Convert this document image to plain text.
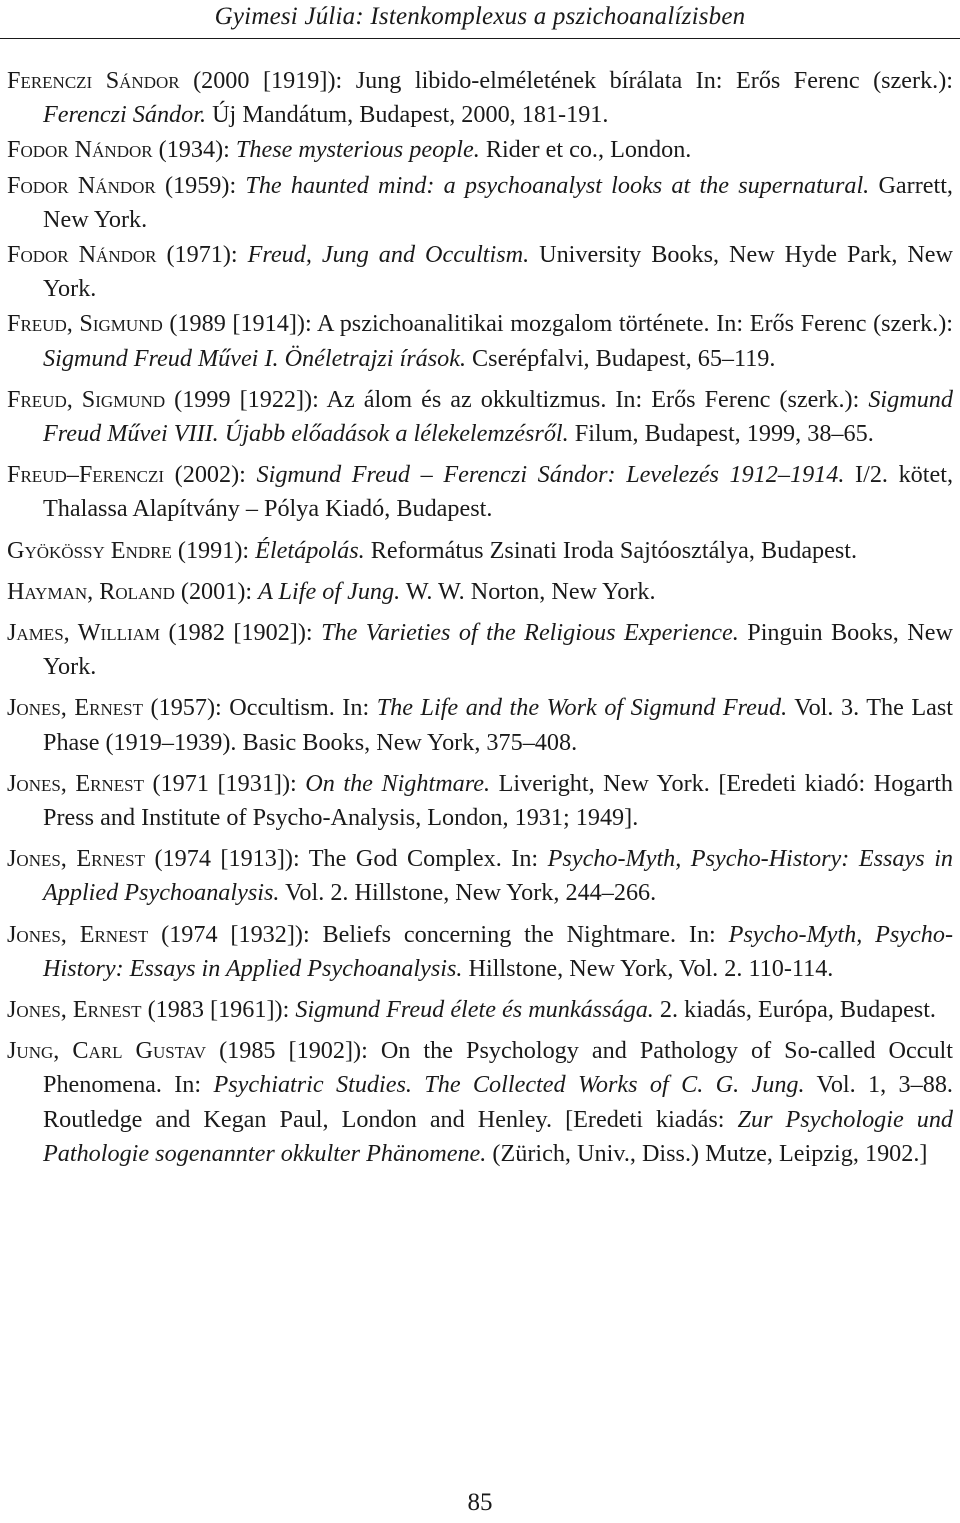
Gyimesi Júlia: Istenkomplexus a pszichoanalízisben

Ferenczi Sándor (2000 [1919]): Jung libido-elméletének bírálata In: Erős Ferenc (szerk.): Ferenczi Sándor. Új Mandátum, Budapest, 2000, 181-191.

Fodor Nándor (1934): These mysterious people. Rider et co., London.

Fodor Nándor (1959): The haunted mind: a psychoanalyst looks at the supernatural. Garrett, New York.

Fodor Nándor (1971): Freud, Jung and Occultism. University Books, New Hyde Park, New York.

Freud, Sigmund (1989 [1914]): A pszichoanalitikai mozgalom története. In: Erős Ferenc (szerk.): Sigmund Freud Művei I. Önéletrajzi írások. Cserépfalvi, Budapest, 65–119.

Freud, Sigmund (1999 [1922]): Az álom és az okkultizmus. In: Erős Ferenc (szerk.): Sigmund Freud Művei VIII. Újabb előadások a lélekelemzésről. Filum, Budapest, 1999, 38–65.

Freud–Ferenczi (2002): Sigmund Freud – Ferenczi Sándor: Levelezés 1912–1914. I/2. kötet, Thalassa Alapítvány – Pólya Kiadó, Budapest.

Gyökössy Endre (1991): Életápolás. Református Zsinati Iroda Sajtóosztálya, Budapest.

Hayman, Roland (2001): A Life of Jung. W. W. Norton, New York.

James, William (1982 [1902]): The Varieties of the Religious Experience. Pinguin Books, New York.

Jones, Ernest (1957): Occultism. In: The Life and the Work of Sigmund Freud. Vol. 3. The Last Phase (1919–1939). Basic Books, New York, 375–408.

Jones, Ernest (1971 [1931]): On the Nightmare. Liveright, New York. [Eredeti kiadó: Hogarth Press and Institute of Psycho-Analysis, London, 1931; 1949].

Jones, Ernest (1974 [1913]): The God Complex. In: Psycho-Myth, Psycho-History: Essays in Applied Psychoanalysis. Vol. 2. Hillstone, New York, 244–266.

Jones, Ernest (1974 [1932]): Beliefs concerning the Nightmare. In: Psycho-Myth, Psycho-History: Essays in Applied Psychoanalysis. Hillstone, New York, Vol. 2. 110-114.

Jones, Ernest (1983 [1961]): Sigmund Freud élete és munkássága. 2. kiadás, Európa, Budapest.

Jung, Carl Gustav (1985 [1902]): On the Psychology and Pathology of So-called Occult Phenomena. In: Psychiatric Studies. The Collected Works of C. G. Jung. Vol. 1, 3–88. Routledge and Kegan Paul, London and Henley. [Eredeti kiadás: Zur Psychologie und Pathologie sogenannter okkulter Phänomene. (Zürich, Univ., Diss.) Mutze, Leipzig, 1902.]

85
